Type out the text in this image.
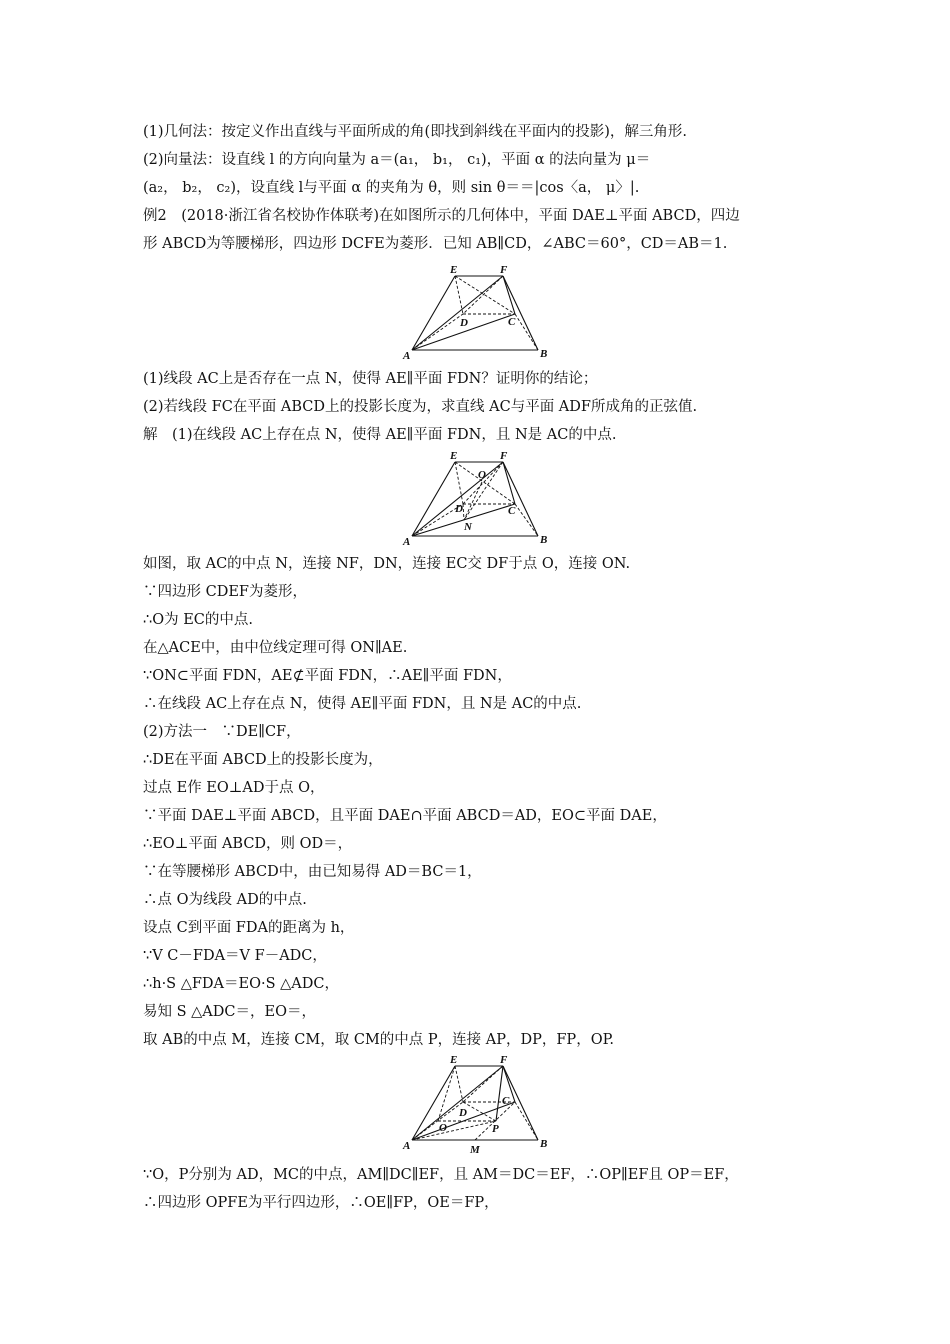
(1)几何法：按定义作出直线与平面所成的角(即找到斜线在平面内的投影)，解三角形.
(2)向量法：设直线 l 的方向向量为 a＝(a₁， b₁， c₁)，平面 α 的法向量为 μ＝
(a₂， b₂， c₂)，设直线 l与平面 α 的夹角为 θ，则 sin θ＝＝|cos〈a， μ〉|.
例2　(2018·浙江省名校协作体联考)在如图所示的几何体中，平面 DAE⊥平面 ABCD，四边
形 ABCD为等腰梯形，四边形 DCFE为菱形．已知 AB∥CD，∠ABC＝60°，CD＝AB＝1.
E	F
D	C
A	B
(1)线段 AC上是否存在一点 N，使得 AE∥平面 FDN？证明你的结论；
(2)若线段 FC在平面 ABCD上的投影长度为，求直线 AC与平面 ADF所成角的正弦值.
解　(1)在线段 AC上存在点 N，使得 AE∥平面 FDN，且 N是 AC的中点.
E	F
O
D	C
N
A	B
如图，取 AC的中点 N，连接 NF，DN，连接 EC交 DF于点 O，连接 ON.
∵四边形 CDEF为菱形，
∴O为 EC的中点.
在△ACE中，由中位线定理可得 ON∥AE.
∵ON⊂平面 FDN，AE⊄平面 FDN，∴AE∥平面 FDN，
∴在线段 AC上存在点 N，使得 AE∥平面 FDN，且 N是 AC的中点.
(2)方法一　∵DE∥CF，
∴DE在平面 ABCD上的投影长度为，
过点 E作 EO⊥AD于点 O，
∵平面 DAE⊥平面 ABCD，且平面 DAE∩平面 ABCD＝AD，EO⊂平面 DAE，
∴EO⊥平面 ABCD，则 OD＝，
∵在等腰梯形 ABCD中，由已知易得 AD＝BC＝1，
∴点 O为线段 AD的中点.
设点 C到平面 FDA的距离为 h，
∵V C－FDA＝V F－ADC，
∴h·S △FDA＝EO·S △ADC，
易知 S △ADC＝，EO＝，
取 AB的中点 M，连接 CM，取 CM的中点 P，连接 AP，DP，FP，OP.
E	F
D
C
O	P
M
A	B
∵O，P分别为 AD，MC的中点，AM∥DC∥EF，且 AM＝DC＝EF，∴OP∥EF且 OP＝EF，
∴四边形 OPFE为平行四边形，∴OE∥FP，OE＝FP，
